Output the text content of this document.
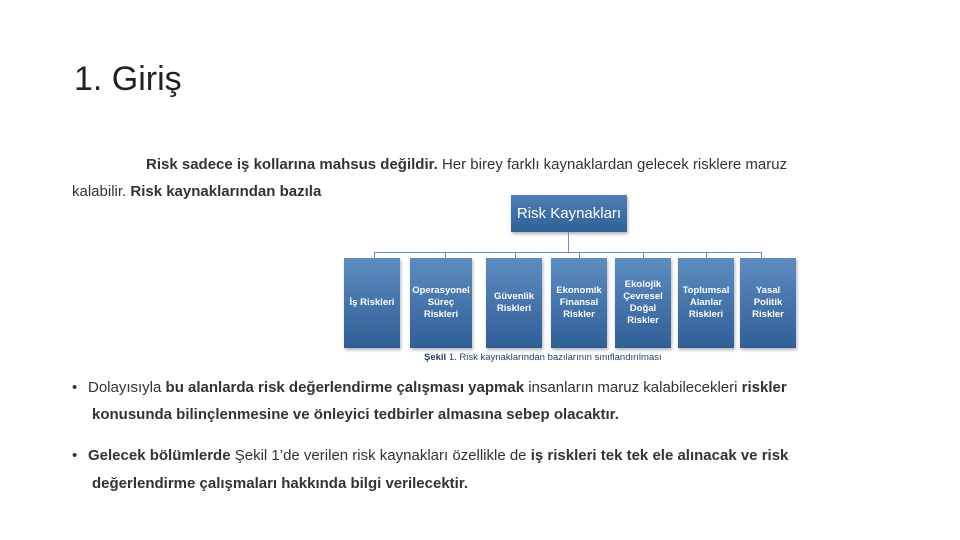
1. Giriş
Risk sadece iş kollarına mahsus değildir. Her birey farklı kaynaklardan gelecek risklere maruz
kalabilir. Risk kaynaklarından bazıla
Risk Kaynakları
İş Riskleri
Operasyonel
Süreç
Riskleri
Güvenlik
Riskleri
Ekonomik
Finansal
Riskler
Ekolojik
Çevresel
Doğal
Riskler
Toplumsal
Alanlar
Riskleri
Yasal
Politik
Riskler
Şekil 1. Risk kaynaklarından bazılarının sınıflandırılması
• Dolayısıyla bu alanlarda risk değerlendirme çalışması yapmak insanların maruz kalabilecekleri riskler
konusunda bilinçlenmesine ve önleyici tedbirler almasına sebep olacaktır.
• Gelecek bölümlerde Şekil 1’de verilen risk kaynakları özellikle de iş riskleri tek tek ele alınacak ve risk
değerlendirme çalışmaları hakkında bilgi verilecektir.
